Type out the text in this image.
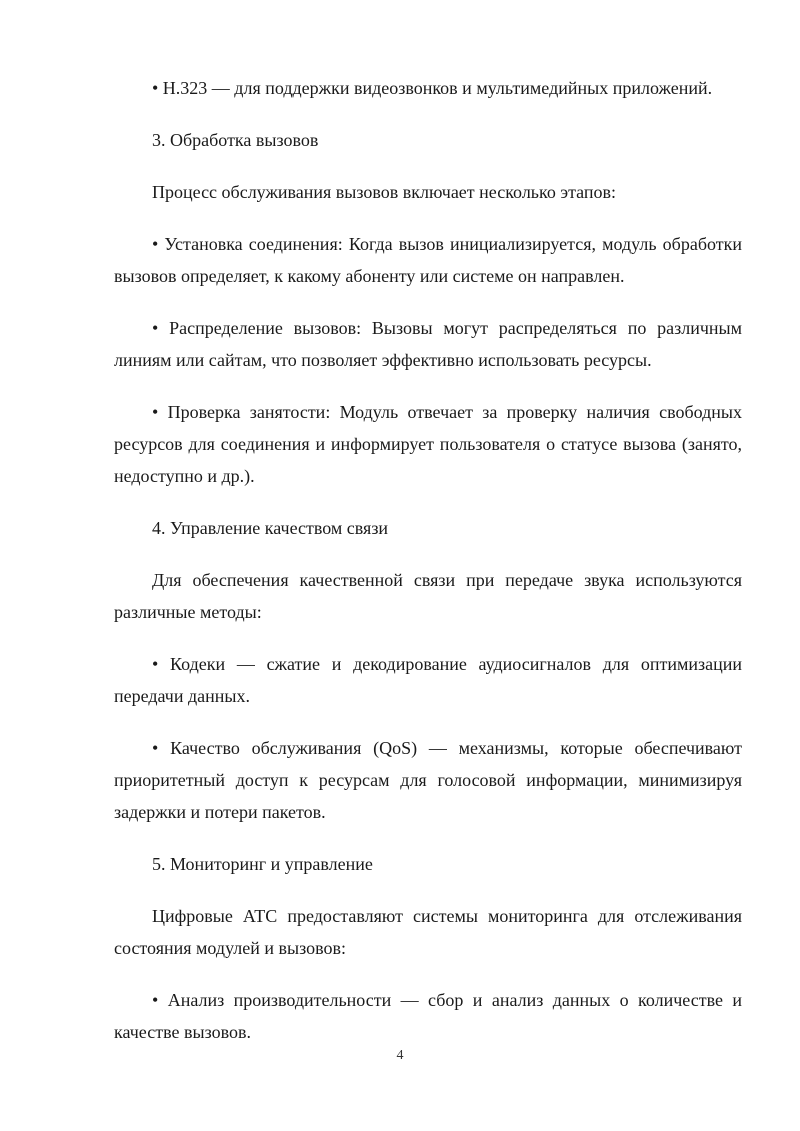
• H.323 — для поддержки видеозвонков и мультимедийных приложений.

3. Обработка вызовов

Процесс обслуживания вызовов включает несколько этапов:

• Установка соединения: Когда вызов инициализируется, модуль обработки вызовов определяет, к какому абоненту или системе он направлен.

• Распределение вызовов: Вызовы могут распределяться по различным линиям или сайтам, что позволяет эффективно использовать ресурсы.

• Проверка занятости: Модуль отвечает за проверку наличия свободных ресурсов для соединения и информирует пользователя о статусе вызова (занято, недоступно и др.).

4. Управление качеством связи

Для обеспечения качественной связи при передаче звука используются различные методы:

• Кодеки — сжатие и декодирование аудиосигналов для оптимизации передачи данных.

• Качество обслуживания (QoS) — механизмы, которые обеспечивают приоритетный доступ к ресурсам для голосовой информации, минимизируя задержки и потери пакетов.

5. Мониторинг и управление

Цифровые АТС предоставляют системы мониторинга для отслеживания состояния модулей и вызовов:

• Анализ производительности — сбор и анализ данных о количестве и качестве вызовов.

4
